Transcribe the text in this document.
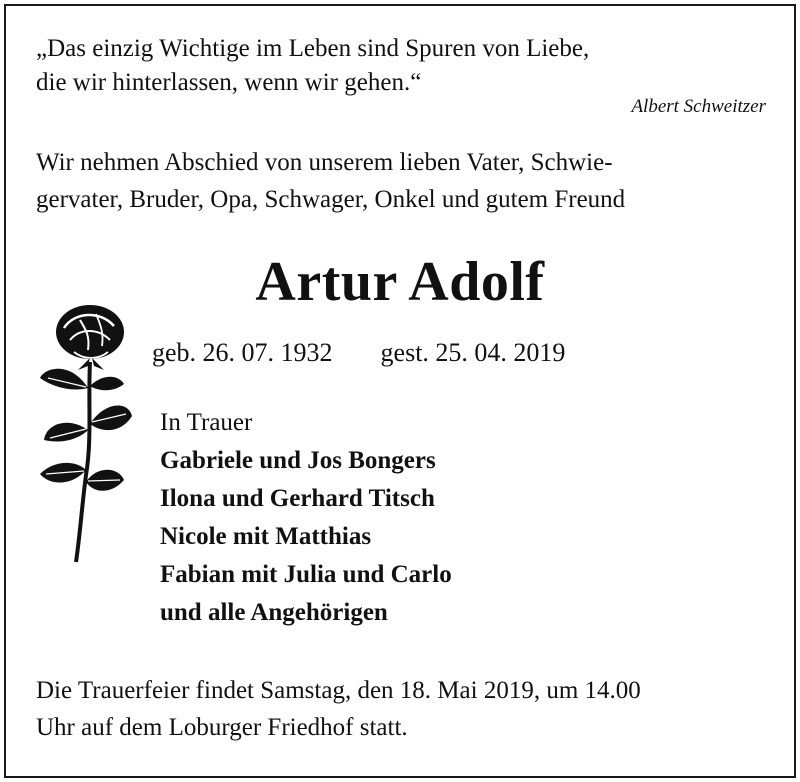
„Das einzig Wichtige im Leben sind Spuren von Liebe,
die wir hinterlassen, wenn wir gehen.“
Albert Schweitzer
Wir nehmen Abschied von unserem lieben Vater, Schwie-
gervater, Bruder, Opa, Schwager, Onkel und gutem Freund
Artur Adolf
geb. 26. 07. 1932 gest. 25. 04. 2019
In Trauer
Gabriele und Jos Bongers
Ilona und Gerhard Titsch
Nicole mit Matthias
Fabian mit Julia und Carlo
und alle Angehörigen
Die Trauerfeier findet Samstag, den 18. Mai 2019, um 14.00
Uhr auf dem Loburger Friedhof statt.
